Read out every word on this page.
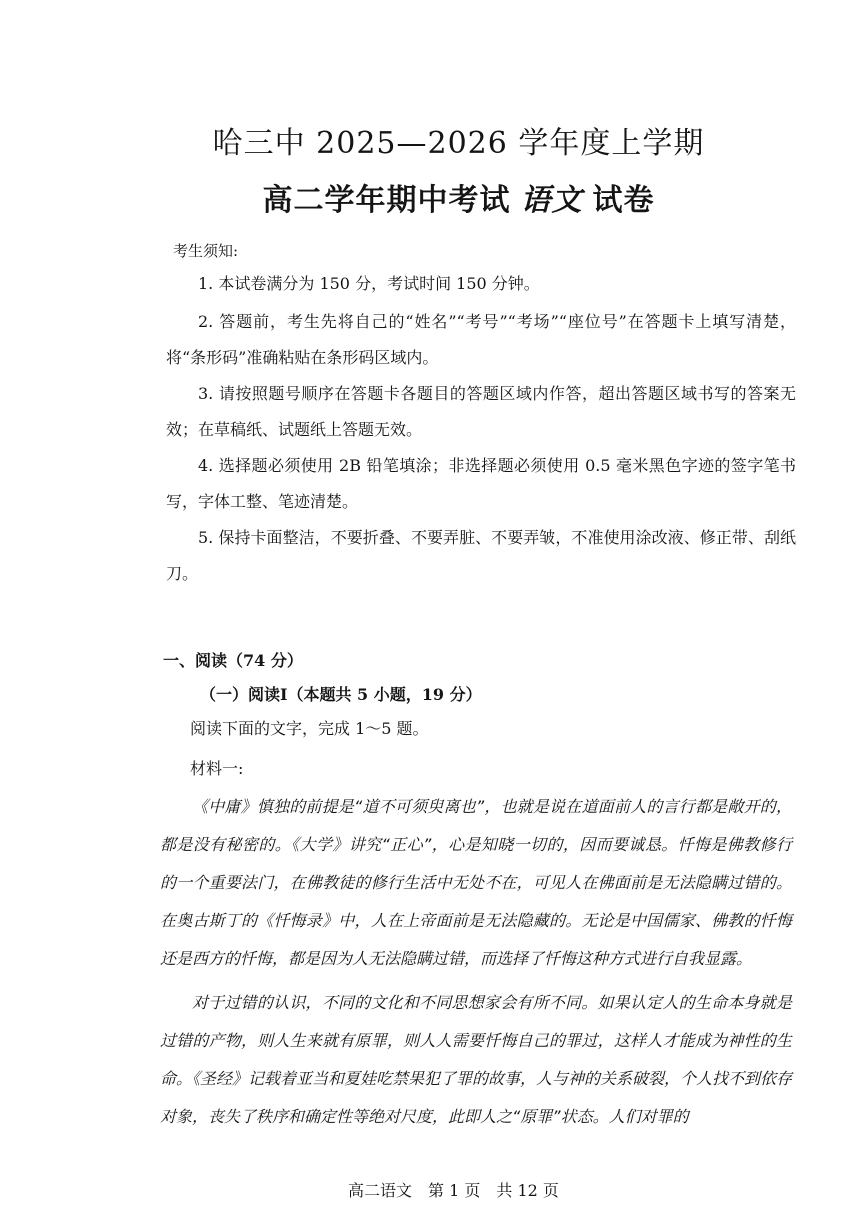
哈三中 2025—2026 学年度上学期
高二学年期中考试 语文 试卷
考生须知:

1. 本试卷满分为 150 分，考试时间 150 分钟。

2. 答题前，考生先将自己的“姓名”“考号”“考场”“座位号”在答题卡上填写清楚，将“条形码”准确粘贴在条形码区域内。

3. 请按照题号顺序在答题卡各题目的答题区域内作答，超出答题区域书写的答案无效；在草稿纸、试题纸上答题无效。

4. 选择题必须使用 2B 铅笔填涂；非选择题必须使用 0.5 毫米黑色字迹的签字笔书写，字体工整、笔迹清楚。

5. 保持卡面整洁，不要折叠、不要弄脏、不要弄皱，不准使用涂改液、修正带、刮纸刀。

一、阅读（74 分）
（一）阅读Ⅰ（本题共 5 小题，19 分）
阅读下面的文字，完成 1～5 题。
材料一:

《中庸》慎独的前提是“道不可须臾离也”，也就是说在道面前人的言行都是敞开的，都是没有秘密的。《大学》讲究“正心”，心是知晓一切的，因而要诚恳。忏悔是佛教修行的一个重要法门，在佛教徒的修行生活中无处不在，可见人在佛面前是无法隐瞒过错的。在奥古斯丁的《忏悔录》中，人在上帝面前是无法隐藏的。无论是中国儒家、佛教的忏悔还是西方的忏悔，都是因为人无法隐瞒过错，而选择了忏悔这种方式进行自我显露。

对于过错的认识，不同的文化和不同思想家会有所不同。如果认定人的生命本身就是过错的产物，则人生来就有原罪，则人人需要忏悔自己的罪过，这样人才能成为神性的生命。《圣经》记载着亚当和夏娃吃禁果犯了罪的故事，人与神的关系破裂，个人找不到依存对象，丧失了秩序和确定性等绝对尺度，此即人之“原罪”状态。人们对罪的

高二语文　第 1 页　共 12 页
